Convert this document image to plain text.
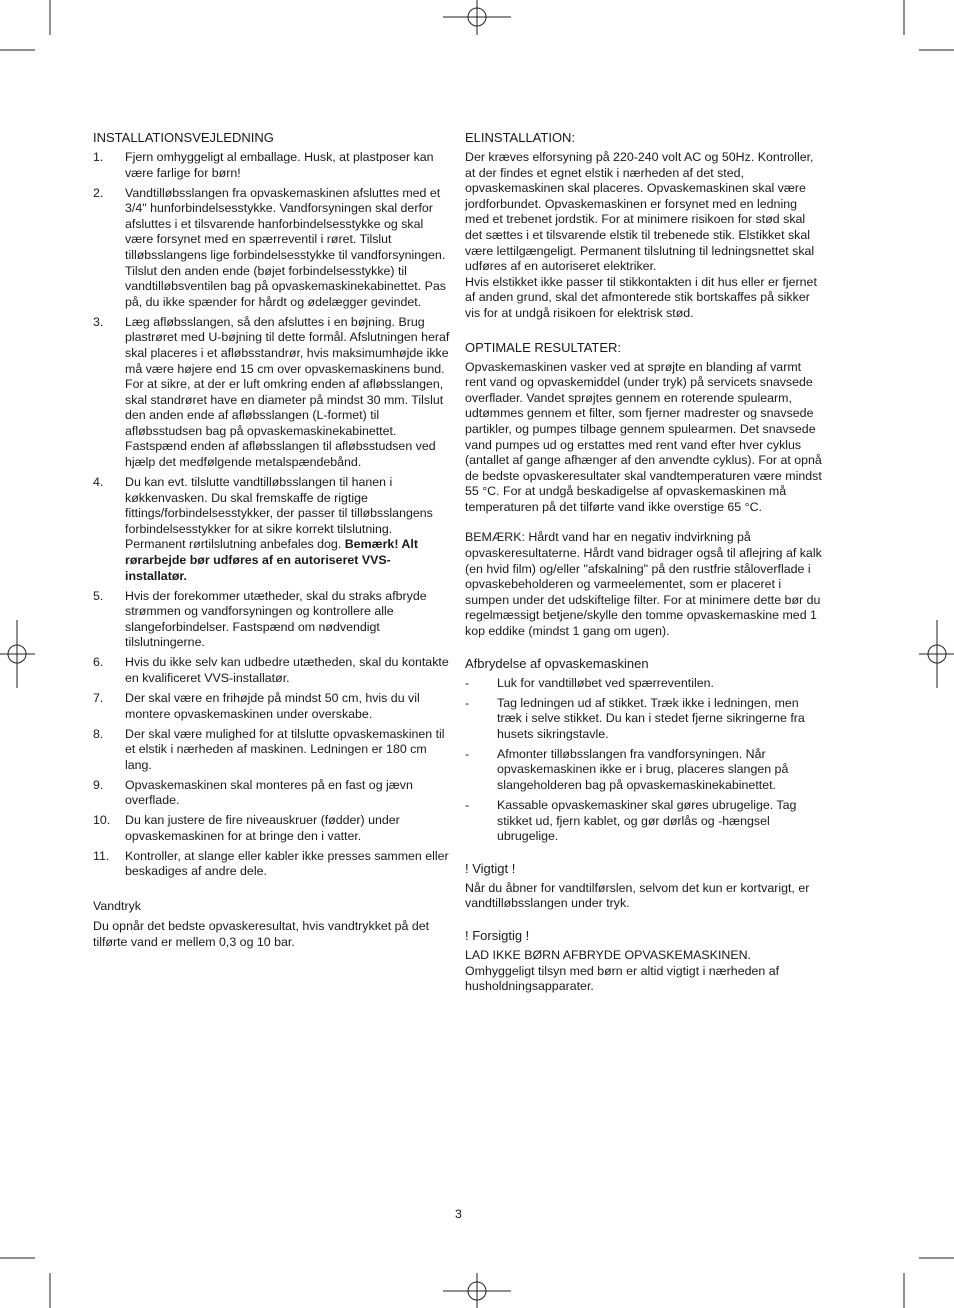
INSTALLATIONSVEJLEDNING
1. Fjern omhyggeligt al emballage. Husk, at plastposer kan være farlige for børn!
2. Vandtilløbsslangen fra opvaskemaskinen afsluttes med et 3/4" hunforbindelsesstykke. Vandforsyningen skal derfor afsluttes i et tilsvarende hanforbindelsesstykke og skal være forsynet med en spærreventil i røret. Tilslut tilløbsslangens lige forbindelsesstykke til vandforsyningen. Tilslut den anden ende (bøjet forbindelsesstykke) til vandtilløbsventilen bag på opvaskemaskinekabinettet. Pas på, du ikke spænder for hårdt og ødelægger gevindet.
3. Læg afløbsslangen, så den afsluttes i en bøjning. Brug plastrøret med U-bøjning til dette formål. Afslutningen heraf skal placeres i et afløbsstandrør, hvis maksimumhøjde ikke må være højere end 15 cm over opvaskemaskinens bund. For at sikre, at der er luft omkring enden af afløbsslangen, skal standrøret have en diameter på mindst 30 mm. Tilslut den anden ende af afløbsslangen (L-formet) til afløbsstudsen bag på opvaskemaskinekabinettet. Fastspænd enden af afløbsslangen til afløbsstudsen ved hjælp det medfølgende metalspændebånd.
4. Du kan evt. tilslutte vandtilløbsslangen til hanen i køkkenvasken. Du skal fremskaffe de rigtige fittings/forbindelsesstykker, der passer til tilløbsslangens forbindelsesstykker for at sikre korrekt tilslutning. Permanent rørtilslutning anbefales dog. Bemærk! Alt rørarbejde bør udføres af en autoriseret VVS-installatør.
5. Hvis der forekommer utætheder, skal du straks afbryde strømmen og vandforsyningen og kontrollere alle slangeforbindelser. Fastspænd om nødvendigt tilslutningerne.
6. Hvis du ikke selv kan udbedre utætheden, skal du kontakte en kvalificeret VVS-installatør.
7. Der skal være en frihøjde på mindst 50 cm, hvis du vil montere opvaskemaskinen under overskabe.
8. Der skal være mulighed for at tilslutte opvaskemaskinen til et elstik i nærheden af maskinen. Ledningen er 180 cm lang.
9. Opvaskemaskinen skal monteres på en fast og jævn overflade.
10. Du kan justere de fire niveauskruer (fødder) under opvaskemaskinen for at bringe den i vatter.
11. Kontroller, at slange eller kabler ikke presses sammen eller beskadiges af andre dele.

Vandtryk

Du opnår det bedste opvaskeresultat, hvis vandtrykket på det tilførte vand er mellem 0,3 og 10 bar.

ELINSTALLATION:

Der kræves elforsyning på 220-240 volt AC og 50Hz. Kontroller, at der findes et egnet elstik i nærheden af det sted, opvaskemaskinen skal placeres. Opvaskemaskinen skal være jordforbundet. Opvaskemaskinen er forsynet med en ledning med et trebenet jordstik. For at minimere risikoen for stød skal det sættes i et tilsvarende elstik til trebenede stik. Elstikket skal være lettilgængeligt. Permanent tilslutning til ledningsnettet skal udføres af en autoriseret elektriker.

Hvis elstikket ikke passer til stikkontakten i dit hus eller er fjernet af anden grund, skal det afmonterede stik bortskaffes på sikker vis for at undgå risikoen for elektrisk stød.

OPTIMALE RESULTATER:

Opvaskemaskinen vasker ved at sprøjte en blanding af varmt rent vand og opvaskemiddel (under tryk) på servicets snavsede overflader. Vandet sprøjtes gennem en roterende spulearm, udtømmes gennem et filter, som fjerner madrester og snavsede partikler, og pumpes tilbage gennem spulearmen. Det snavsede vand pumpes ud og erstattes med rent vand efter hver cyklus (antallet af gange afhænger af den anvendte cyklus). For at opnå de bedste opvaskeresultater skal vandtemperaturen være mindst 55 °C. For at undgå beskadigelse af opvaskemaskinen må temperaturen på det tilførte vand ikke overstige 65 °C.

BEMÆRK: Hårdt vand har en negativ indvirkning på opvaskeresultaterne. Hårdt vand bidrager også til aflejring af kalk (en hvid film) og/eller "afskalning" på den rustfrie ståloverflade i opvaskebeholderen og varmeelementet, som er placeret i sumpen under det udskiftelige filter. For at minimere dette bør du regelmæssigt betjene/skylle den tomme opvaskemaskine med 1 kop eddike (mindst 1 gang om ugen).

Afbrydelse af opvaskemaskinen
- Luk for vandtilløbet ved spærreventilen.
- Tag ledningen ud af stikket. Træk ikke i ledningen, men træk i selve stikket. Du kan i stedet fjerne sikringerne fra husets sikringstavle.
- Afmonter tilløbsslangen fra vandforsyningen. Når opvaskemaskinen ikke er i brug, placeres slangen på slangeholderen bag på opvaskemaskinekabinettet.
- Kassable opvaskemaskiner skal gøres ubrugelige. Tag stikket ud, fjern kablet, og gør dørlås og -hængsel ubrugelige.
! Vigtigt !

Når du åbner for vandtilførslen, selvom det kun er kortvarigt, er vandtilløbsslangen under tryk.

! Forsigtig !

LAD IKKE BØRN AFBRYDE OPVASKEMASKINEN.

Omhyggeligt tilsyn med børn er altid vigtigt i nærheden af husholdningsapparater.

3
